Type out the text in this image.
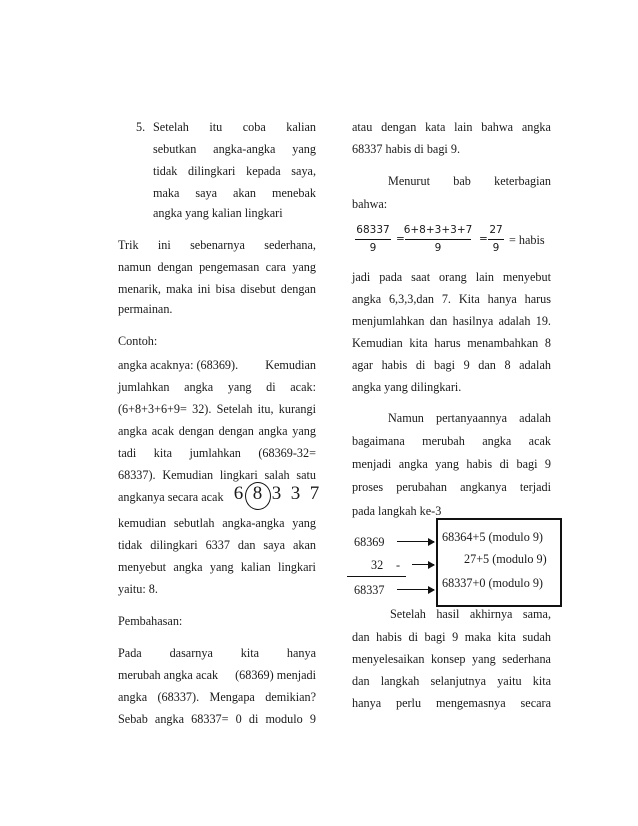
5. Setelah itu coba kalian
sebutkan angka-angka yang
tidak dilingkari kepada saya,
maka saya akan menebak
angka yang kalian lingkari
Trik ini sebenarnya sederhana,
namun dengan pengemasan cara yang
menarik, maka ini bisa disebut dengan
permainan.
Contoh:
angka acaknya: (68369). Kemudian
jumlahkan angka yang di acak:
(6+8+3+6+9= 32). Setelah itu, kurangi
angka acak dengan dengan angka yang
tadi kita jumlahkan (68369-32=
68337). Kemudian lingkari salah satu
angkanya secara acak 6 8 3 3 7
kemudian sebutlah angka-angka yang
tidak dilingkari 6337 dan saya akan
menyebut angka yang kalian lingkari
yaitu: 8.
Pembahasan:
Pada dasarnya kita hanya
merubah angka acak (68369) menjadi
angka (68337). Mengapa demikian?
Sebab angka 68337= 0 di modulo 9
atau dengan kata lain bahwa angka
68337 habis di bagi 9.
Menurut bab keterbagian
bahwa:
68337
9
=
6+8+3+3+7
9
=
27
9
= habis
jadi pada saat orang lain menyebut
angka 6,3,3,dan 7. Kita hanya harus
menjumlahkan dan hasilnya adalah 19.
Kemudian kita harus menambahkan 8
agar habis di bagi 9 dan 8 adalah
angka yang dilingkari.
Namun pertanyaannya adalah
bagaimana merubah angka acak
menjadi angka yang habis di bagi 9
proses perubahan angkanya terjadi
pada langkah ke-3
68369
32 -
68337
68364+5 (modulo 9)
27+5 (modulo 9)
68337+0 (modulo 9)
Setelah hasil akhirnya sama,
dan habis di bagi 9 maka kita sudah
menyelesaikan konsep yang sederhana
dan langkah selanjutnya yaitu kita
hanya perlu mengemasnya secara
